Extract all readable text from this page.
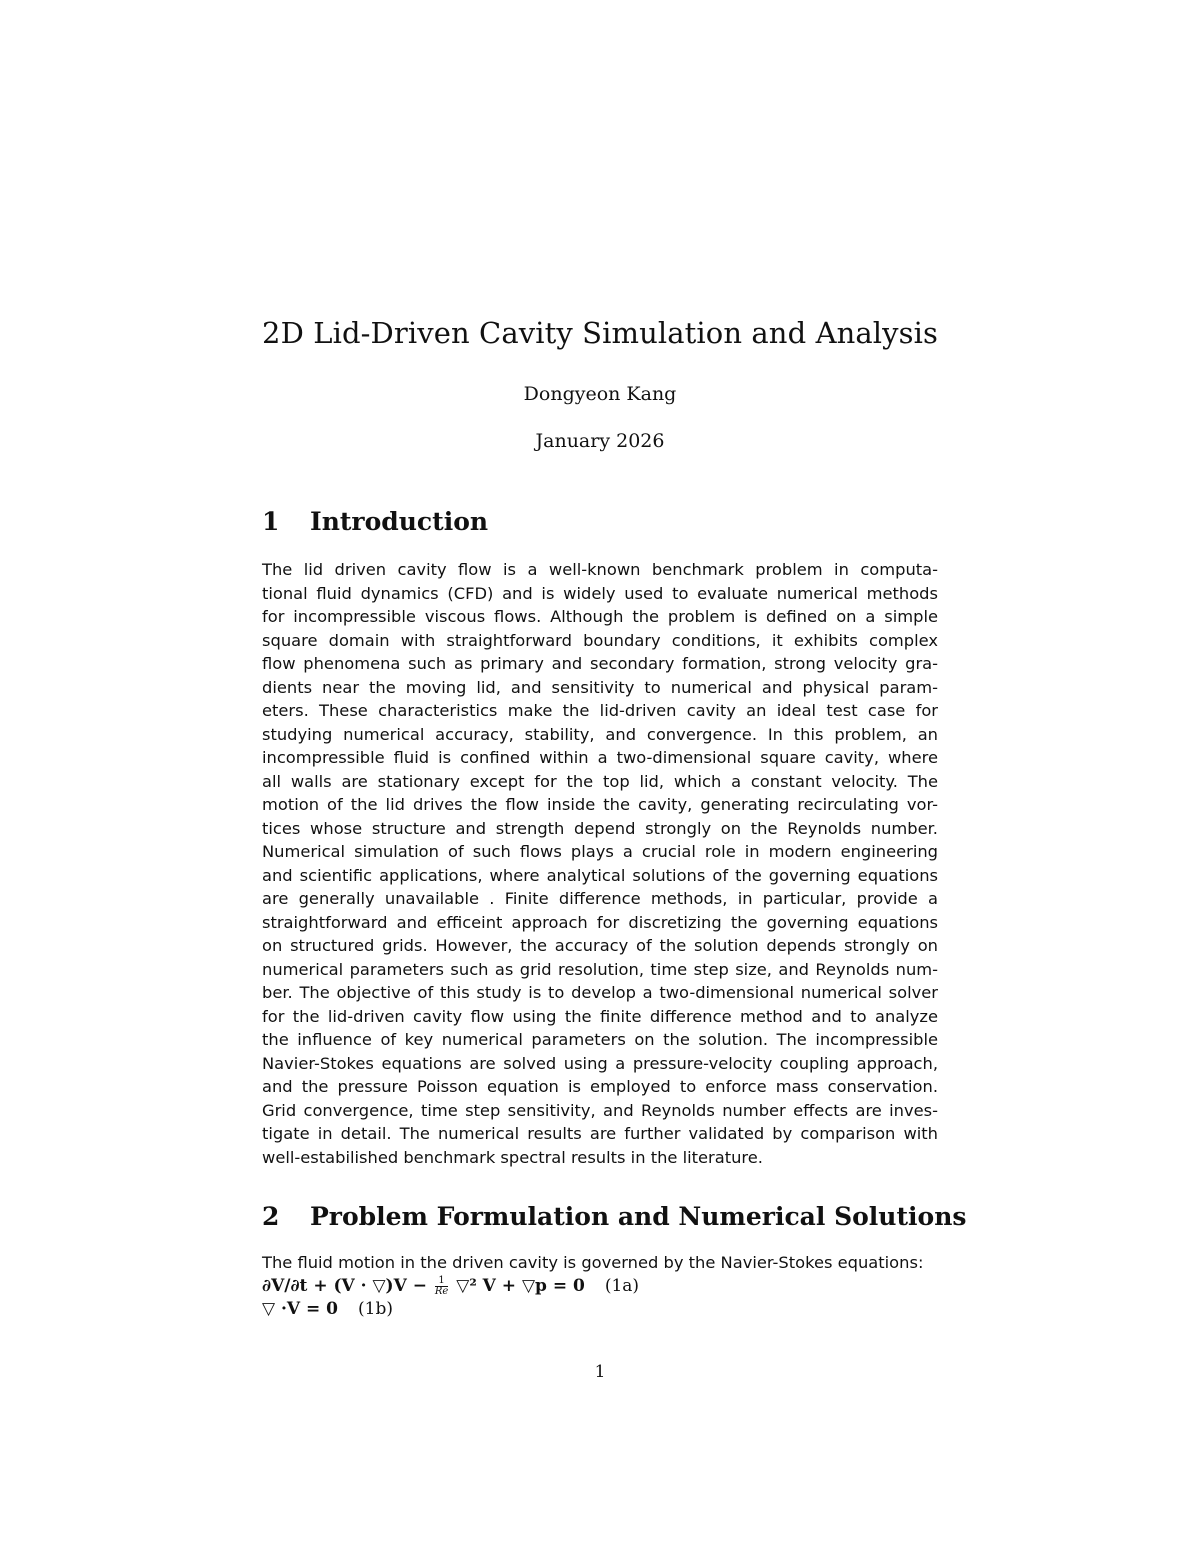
2D Lid-Driven Cavity Simulation and Analysis
Dongyeon Kang
January 2026
1 Introduction
The lid driven cavity flow is a well-known benchmark problem in computa-
tional fluid dynamics (CFD) and is widely used to evaluate numerical methods
for incompressible viscous flows. Although the problem is defined on a simple
square domain with straightforward boundary conditions, it exhibits complex
flow phenomena such as primary and secondary formation, strong velocity gra-
dients near the moving lid, and sensitivity to numerical and physical param-
eters. These characteristics make the lid-driven cavity an ideal test case for
studying numerical accuracy, stability, and convergence. In this problem, an
incompressible fluid is confined within a two-dimensional square cavity, where
all walls are stationary except for the top lid, which a constant velocity. The
motion of the lid drives the flow inside the cavity, generating recirculating vor-
tices whose structure and strength depend strongly on the Reynolds number.
Numerical simulation of such flows plays a crucial role in modern engineering
and scientific applications, where analytical solutions of the governing equations
are generally unavailable . Finite difference methods, in particular, provide a
straightforward and efficeint approach for discretizing the governing equations
on structured grids. However, the accuracy of the solution depends strongly on
numerical parameters such as grid resolution, time step size, and Reynolds num-
ber. The objective of this study is to develop a two-dimensional numerical solver
for the lid-driven cavity flow using the finite difference method and to analyze
the influence of key numerical parameters on the solution. The incompressible
Navier-Stokes equations are solved using a pressure-velocity coupling approach,
and the pressure Poisson equation is employed to enforce mass conservation.
Grid convergence, time step sensitivity, and Reynolds number effects are inves-
tigate in detail. The numerical results are further validated by comparison with
well-estabilished benchmark spectral results in the literature.
2 Problem Formulation and Numerical Solutions
The fluid motion in the driven cavity is governed by the Navier-Stokes equations:
∂V/∂t + (V · ▽)V − $\frac{1}{Re}$ ▽² V + ▽p = 0 (1a)
▽ ·V = 0 (1b)
1
